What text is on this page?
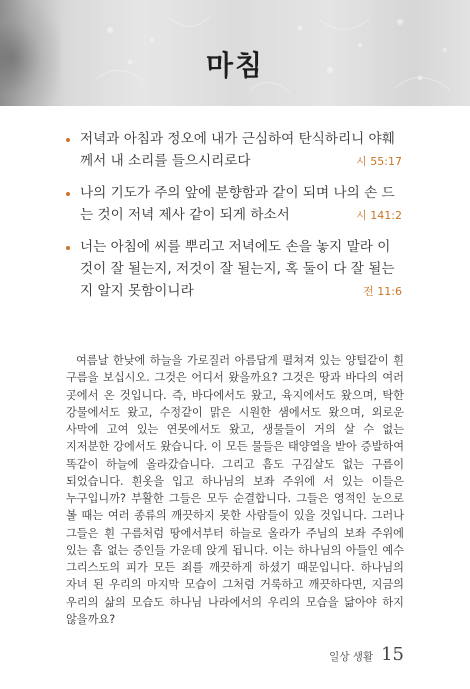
마침
저녁과 아침과 정오에 내가 근심하여 탄식하리니 야훼께서 내 소리를 들으시리로다	시 55:17
나의 기도가 주의 앞에 분향함과 같이 되며 나의 손 드는 것이 저녁 제사 같이 되게 하소서	시 141:2
너는 아침에 씨를 뿌리고 저녁에도 손을 놓지 말라 이것이 잘 될는지, 저것이 잘 될는지, 혹 둘이 다 잘 될는지 알지 못함이니라	전 11:6

여름날 한낮에 하늘을 가로질러 아름답게 펼쳐져 있는 양털같이 흰 구름을 보십시오. 그것은 어디서 왔을까요? 그것은 땅과 바다의 여러 곳에서 온 것입니다. 즉, 바다에서도 왔고, 육지에서도 왔으며, 탁한 강물에서도 왔고, 수정같이 맑은 시원한 샘에서도 왔으며, 외로운 사막에 고여 있는 연못에서도 왔고, 생물들이 거의 살 수 없는 지저분한 강에서도 왔습니다. 이 모든 물들은 태양열을 받아 증발하여 똑같이 하늘에 올라갔습니다. 그리고 흠도 구김살도 없는 구름이 되었습니다. 흰옷을 입고 하나님의 보좌 주위에 서 있는 이들은 누구입니까? 부활한 그들은 모두 순결합니다. 그들은 영적인 눈으로 볼 때는 여러 종류의 깨끗하지 못한 사람들이 있을 것입니다. 그러나 그들은 흰 구름처럼 땅에서부터 하늘로 올라가 주님의 보좌 주위에 있는 흠 없는 증인들 가운데 앉게 됩니다. 이는 하나님의 아들인 예수 그리스도의 피가 모든 죄를 깨끗하게 하셨기 때문입니다. 하나님의 자녀 된 우리의 마지막 모습이 그처럼 거룩하고 깨끗하다면, 지금의 우리의 삶의 모습도 하나님 나라에서의 우리의 모습을 닮아야 하지 않을까요?

일상 생활 15
